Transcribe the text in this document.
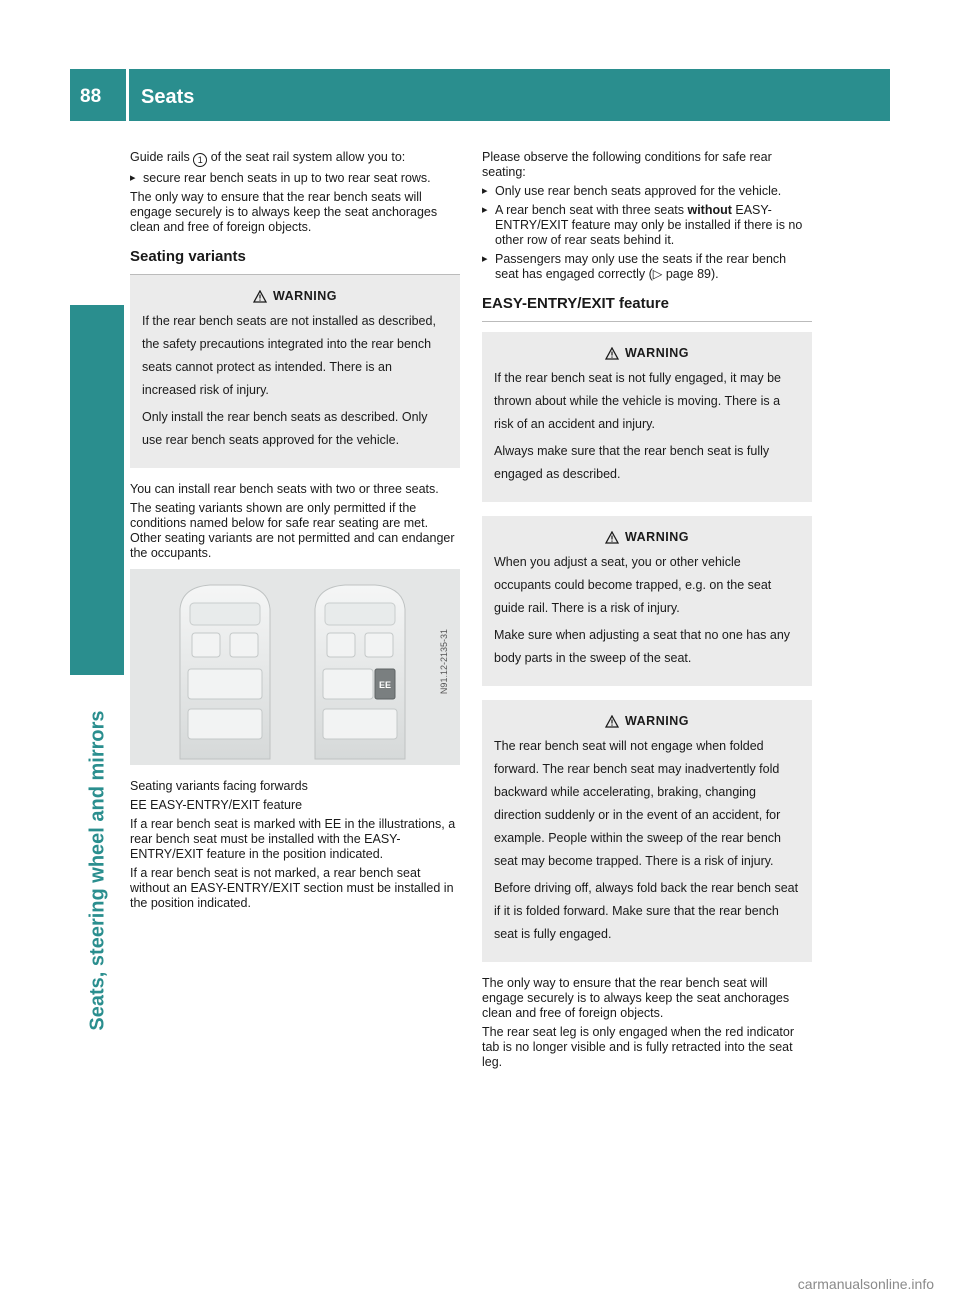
88 Seats
Seats, steering wheel and mirrors

Guide rails 1 of the seat rail system allow you to:

▸ secure rear bench seats in up to two rear seat rows.

The only way to ensure that the rear bench seats will engage securely is to always keep the seat anchorages clean and free of foreign objects.

Seating variants
WARNING

If the rear bench seats are not installed as described, the safety precautions integrated into the rear bench seats cannot protect as intended. There is an increased risk of injury.

Only install the rear bench seats as described. Only use rear bench seats approved for the vehicle.

You can install rear bench seats with two or three seats.

The seating variants shown are only permitted if the conditions named below for safe rear seating are met. Other seating variants are not permitted and can endanger the occupants.

EE	N91.12-2135-31

Seating variants facing forwards

EE EASY-ENTRY/EXIT feature

If a rear bench seat is marked with EE in the illustrations, a rear bench seat must be installed with the EASY-ENTRY/EXIT feature in the position indicated.

If a rear bench seat is not marked, a rear bench seat without an EASY-ENTRY/EXIT section must be installed in the position indicated.

Please observe the following conditions for safe rear seating:

▸ Only use rear bench seats approved for the vehicle.
▸ A rear bench seat with three seats without EASY-ENTRY/EXIT feature may only be installed if there is no other row of rear seats behind it.
▸ Passengers may only use the seats if the rear bench seat has engaged correctly (▷ page 89).
EASY-ENTRY/EXIT feature
WARNING

If the rear bench seat is not fully engaged, it may be thrown about while the vehicle is moving. There is a risk of an accident and injury.

Always make sure that the rear bench seat is fully engaged as described.

WARNING

When you adjust a seat, you or other vehicle occupants could become trapped, e.g. on the seat guide rail. There is a risk of injury.

Make sure when adjusting a seat that no one has any body parts in the sweep of the seat.

WARNING

The rear bench seat will not engage when folded forward. The rear bench seat may inadvertently fold backward while accelerating, braking, changing direction suddenly or in the event of an accident, for example. People within the sweep of the rear bench seat may become trapped. There is a risk of injury.

Before driving off, always fold back the rear bench seat if it is folded forward. Make sure that the rear bench seat is fully engaged.

The only way to ensure that the rear bench seat will engage securely is to always keep the seat anchorages clean and free of foreign objects.

The rear seat leg is only engaged when the red indicator tab is no longer visible and is fully retracted into the seat leg.

carmanualsonline.info
